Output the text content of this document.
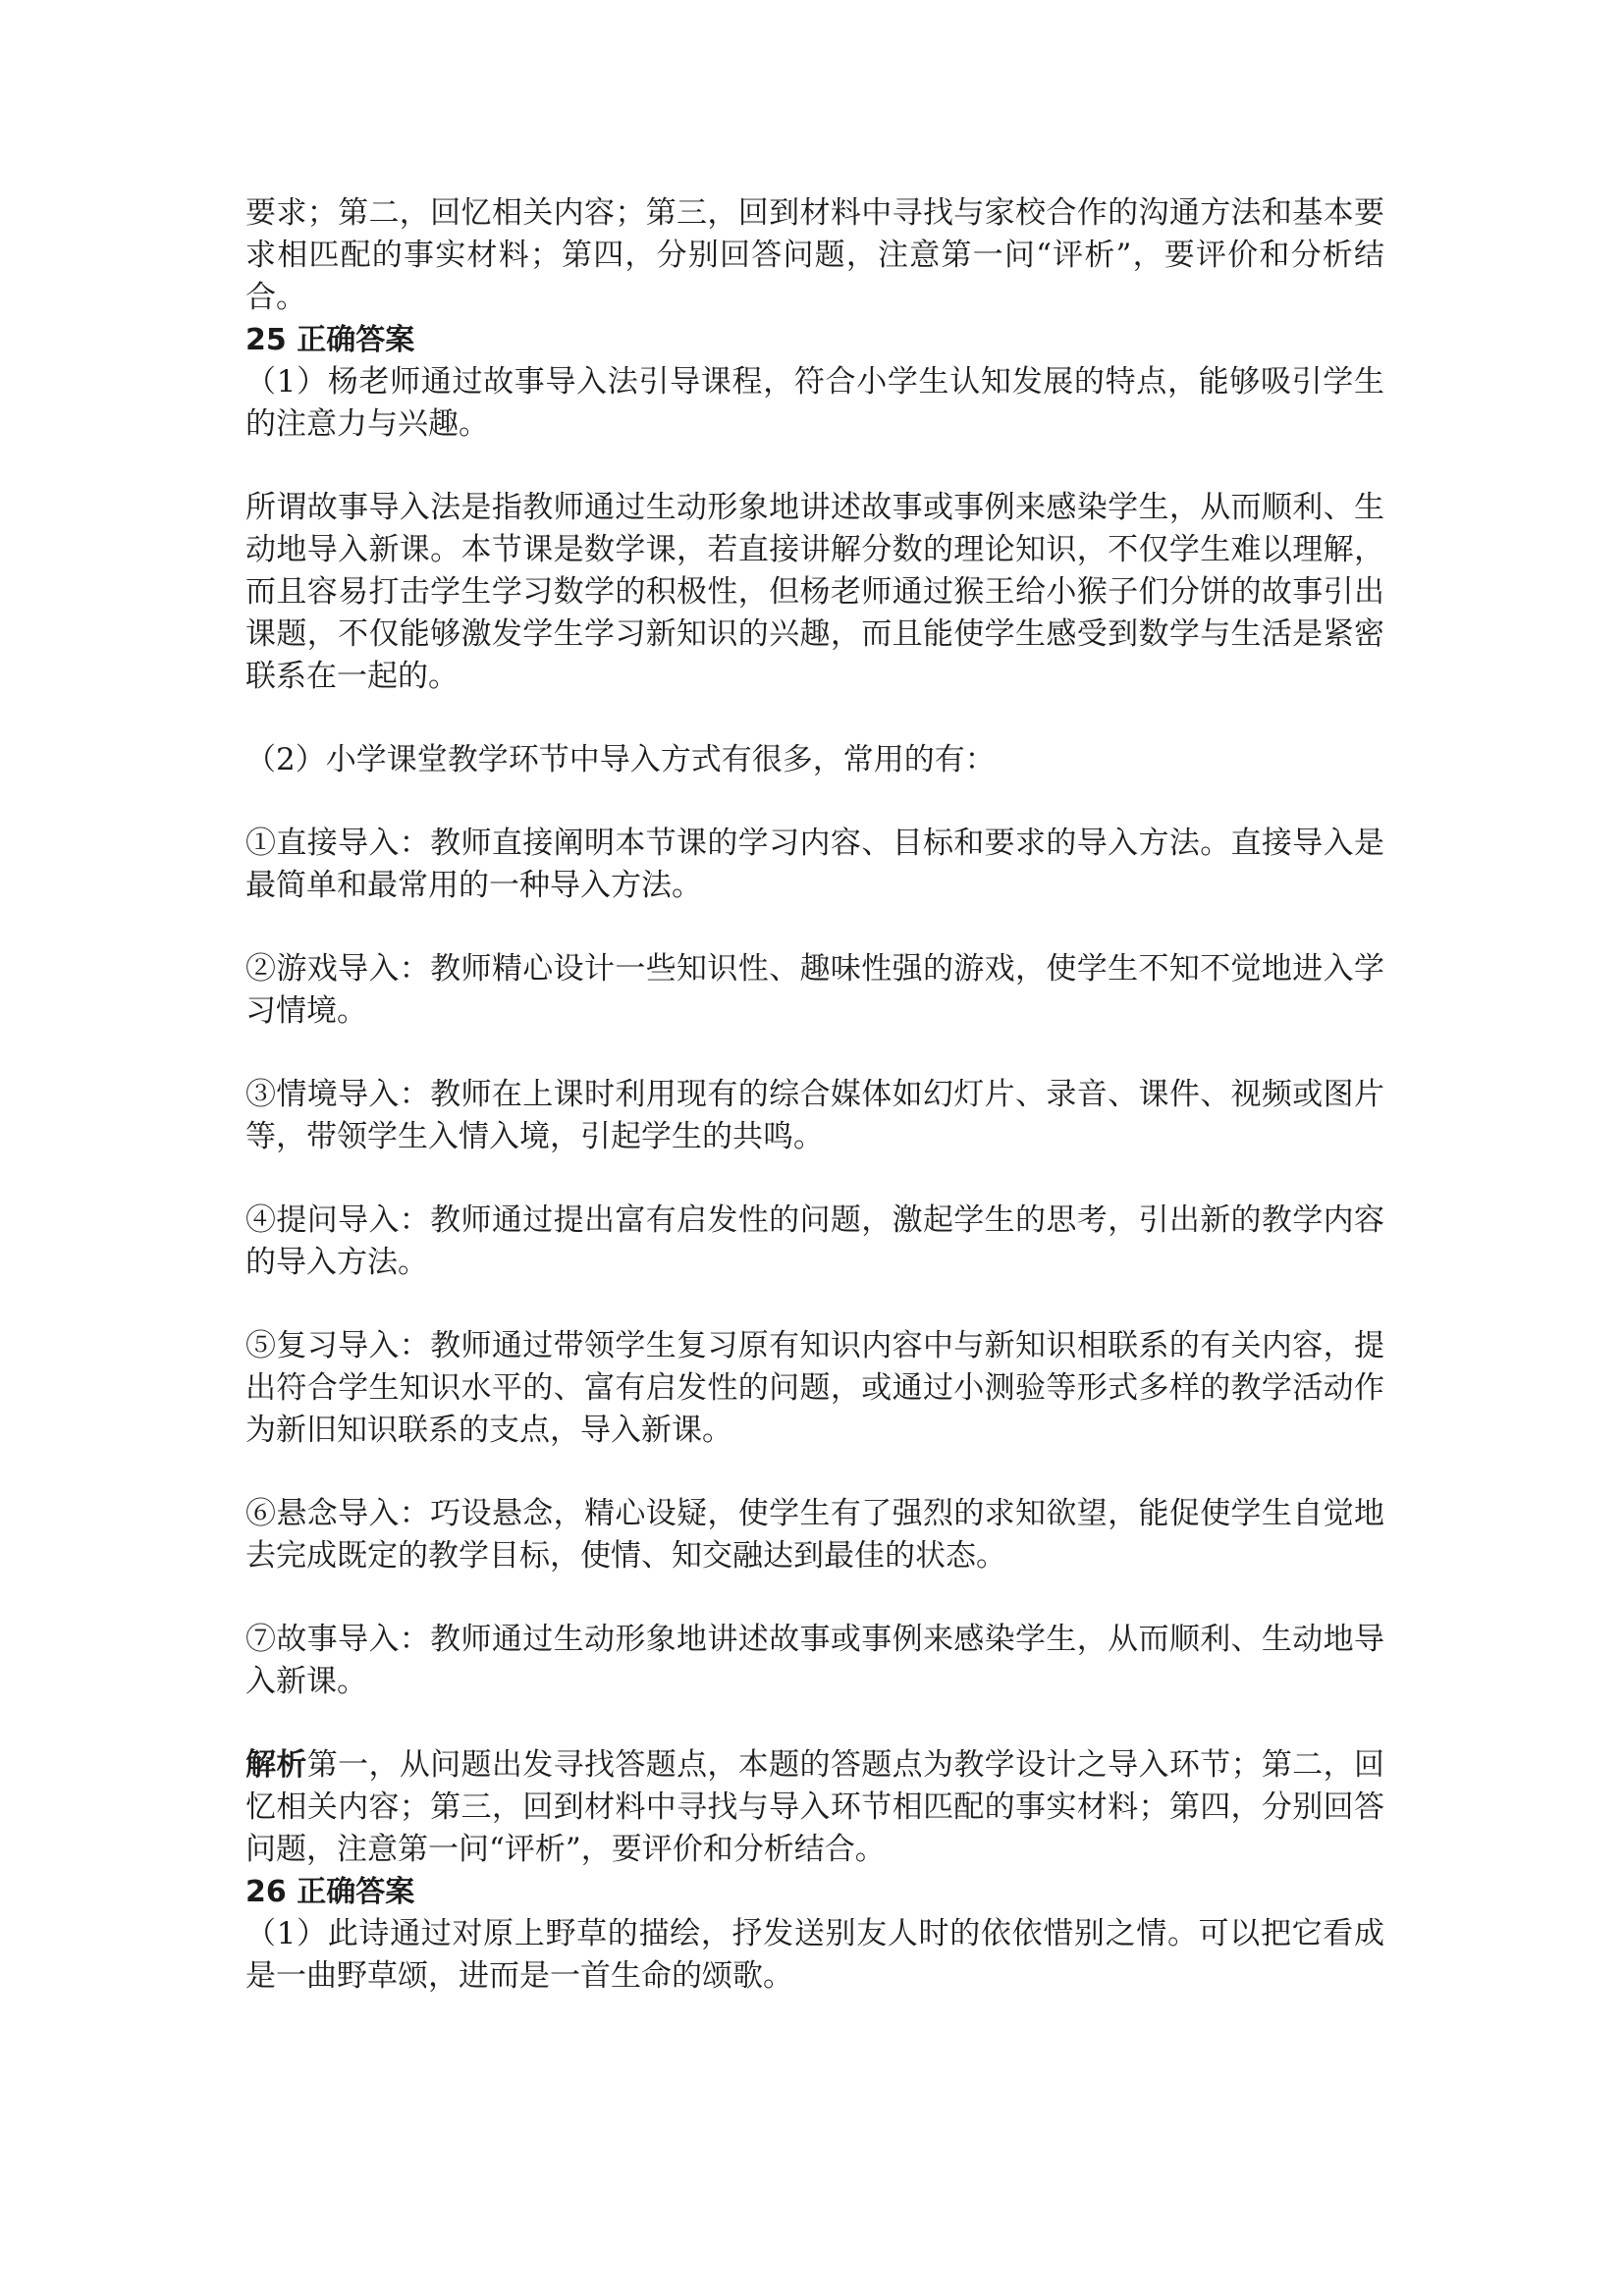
要求；第二，回忆相关内容；第三，回到材料中寻找与家校合作的沟通方法和基本要求相匹配的事实材料；第四，分别回答问题，注意第一问“评析”，要评价和分析结合。

25 正确答案

（1）杨老师通过故事导入法引导课程，符合小学生认知发展的特点，能够吸引学生的注意力与兴趣。

所谓故事导入法是指教师通过生动形象地讲述故事或事例来感染学生，从而顺利、生动地导入新课。本节课是数学课，若直接讲解分数的理论知识，不仅学生难以理解，而且容易打击学生学习数学的积极性，但杨老师通过猴王给小猴子们分饼的故事引出课题，不仅能够激发学生学习新知识的兴趣，而且能使学生感受到数学与生活是紧密联系在一起的。

（2）小学课堂教学环节中导入方式有很多，常用的有：

①直接导入：教师直接阐明本节课的学习内容、目标和要求的导入方法。直接导入是最简单和最常用的一种导入方法。

②游戏导入：教师精心设计一些知识性、趣味性强的游戏，使学生不知不觉地进入学习情境。

③情境导入：教师在上课时利用现有的综合媒体如幻灯片、录音、课件、视频或图片等，带领学生入情入境，引起学生的共鸣。

④提问导入：教师通过提出富有启发性的问题，激起学生的思考，引出新的教学内容的导入方法。

⑤复习导入：教师通过带领学生复习原有知识内容中与新知识相联系的有关内容，提出符合学生知识水平的、富有启发性的问题，或通过小测验等形式多样的教学活动作为新旧知识联系的支点，导入新课。

⑥悬念导入：巧设悬念，精心设疑，使学生有了强烈的求知欲望，能促使学生自觉地去完成既定的教学目标，使情、知交融达到最佳的状态。

⑦故事导入：教师通过生动形象地讲述故事或事例来感染学生，从而顺利、生动地导入新课。

解析第一，从问题出发寻找答题点，本题的答题点为教学设计之导入环节；第二，回忆相关内容；第三，回到材料中寻找与导入环节相匹配的事实材料；第四，分别回答问题，注意第一问“评析”，要评价和分析结合。

26 正确答案

（1）此诗通过对原上野草的描绘，抒发送别友人时的依依惜别之情。可以把它看成是一曲野草颂，进而是一首生命的颂歌。
